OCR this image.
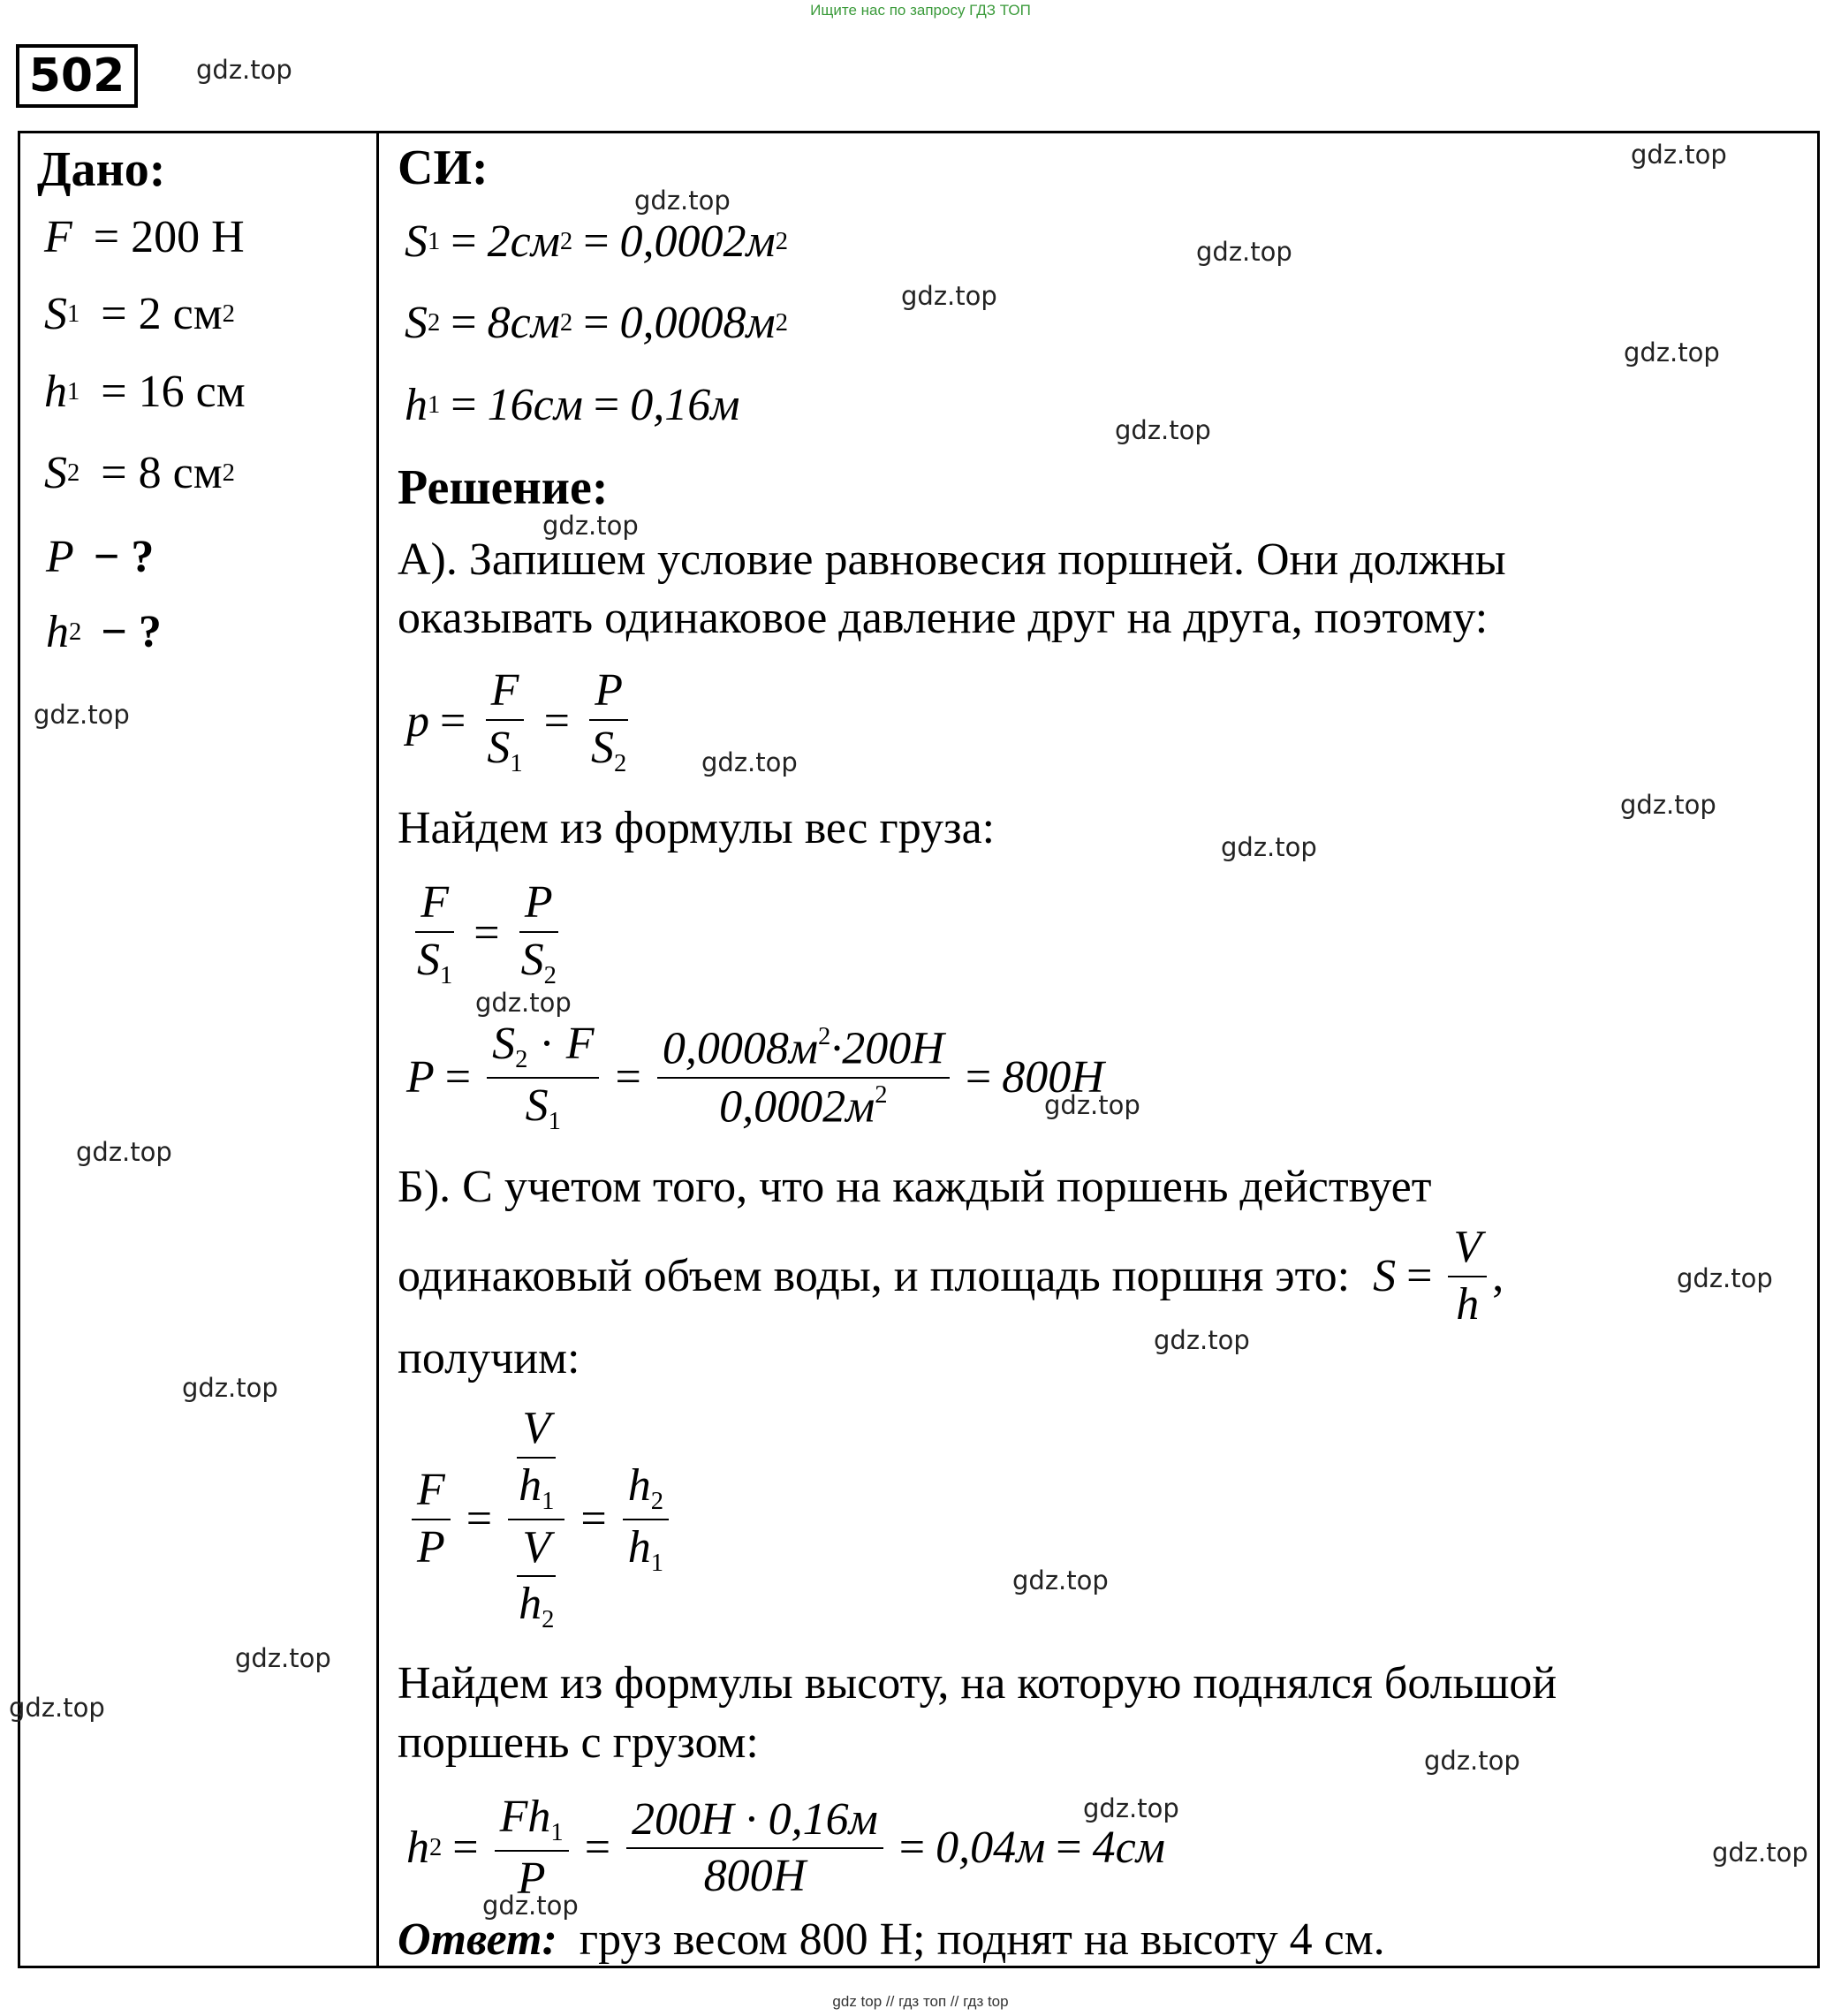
Ищите нас по запросу ГДЗ ТОП
502
Дано:
F = 200 Н
S 1 = 2 см 2
h 1 = 16 см
S 2 = 8 см 2
P − ?
h 2 − ?
СИ:
S 1 = 2см 2 = 0,0002м 2
S 2 = 8см 2 = 0,0008м 2
h 1 = 16см = 0,16м
Решение:
А). Запишем условие равновесия поршней. Они должны
оказывать одинаковое давление друг на друга, поэтому:
$p = \frac{F}{S_1} = \frac{P}{S_2}$
Найдем из формулы вес груза:
$\frac{F}{S_1} = \frac{P}{S_2}$
$P = \frac{S_2 \cdot F}{S_1} = \frac{0,0008м^2\cdot 200Н}{0,0002м^2} = 800Н$
Б). С учетом того, что на каждый поршень действует
одинаковый объем воды, и площадь поршня это: $S = \frac{V}{h}$ ,
получим:
$\frac{F}{P} = \frac{\frac{V}{h_1}}{\frac{V}{h_2}} = \frac{h_2}{h_1}$
Найдем из формулы высоту, на которую поднялся большой
поршень с грузом:
h $2 = \frac{Fh_1}{P} = \frac{200Н \cdot 0,16м}{800Н} = 0,04м = 4см$
Ответ: груз весом 800 Н; поднят на высоту 4 см.
gdz.top
gdz.top
gdz.top
gdz.top
gdz.top
gdz.top
gdz.top
gdz.top
gdz.top
gdz.top
gdz.top
gdz.top
gdz.top
gdz.top
gdz.top
gdz.top
gdz.top
gdz.top
gdz.top
gdz.top
gdz.top
gdz.top
gdz.top
gdz.top
gdz.top
gdz top // гдз топ // гдз top
